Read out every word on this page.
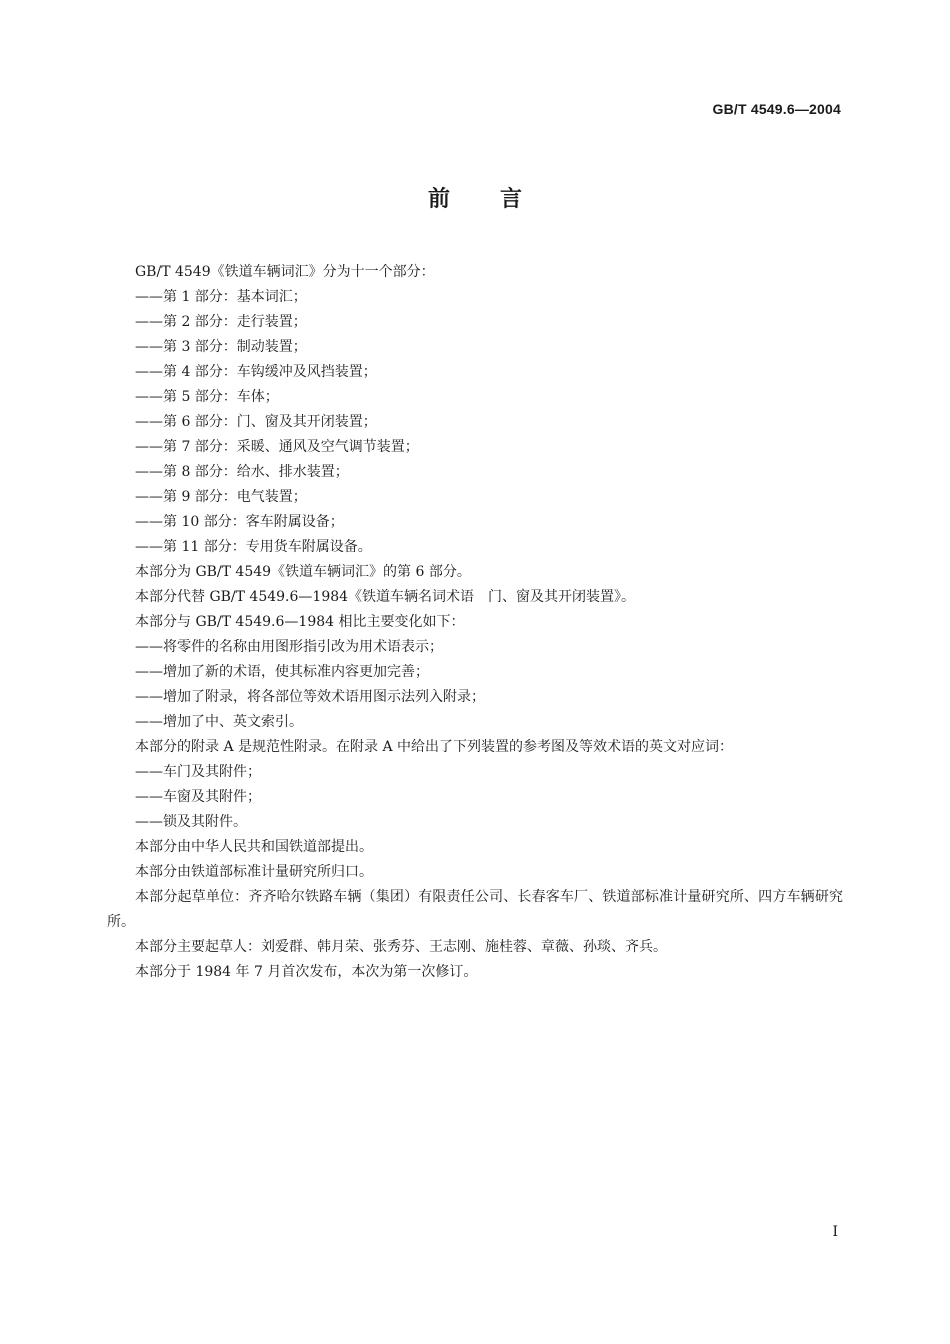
GB/T 4549.6—2004
前言

GB/T 4549《铁道车辆词汇》分为十一个部分：

——第 1 部分：基本词汇；

——第 2 部分：走行装置；

——第 3 部分：制动装置；

——第 4 部分：车钩缓冲及风挡装置；

——第 5 部分：车体；

——第 6 部分：门、窗及其开闭装置；

——第 7 部分：采暖、通风及空气调节装置；

——第 8 部分：给水、排水装置；

——第 9 部分：电气装置；

——第 10 部分：客车附属设备；

——第 11 部分：专用货车附属设备。

本部分为 GB/T 4549《铁道车辆词汇》的第 6 部分。

本部分代替 GB/T 4549.6—1984《铁道车辆名词术语　门、窗及其开闭装置》。

本部分与 GB/T 4549.6—1984 相比主要变化如下：

——将零件的名称由用图形指引改为用术语表示；

——增加了新的术语，使其标准内容更加完善；

——增加了附录，将各部位等效术语用图示法列入附录；

——增加了中、英文索引。

本部分的附录 A 是规范性附录。在附录 A 中给出了下列装置的参考图及等效术语的英文对应词：

——车门及其附件；

——车窗及其附件；

——锁及其附件。

本部分由中华人民共和国铁道部提出。

本部分由铁道部标准计量研究所归口。

本部分起草单位：齐齐哈尔铁路车辆（集团）有限责任公司、长春客车厂、铁道部标准计量研究所、四方车辆研究所。

本部分主要起草人：刘爱群、韩月荣、张秀芬、王志刚、施桂蓉、章薇、孙琰、齐兵。

本部分于 1984 年 7 月首次发布，本次为第一次修订。

I
